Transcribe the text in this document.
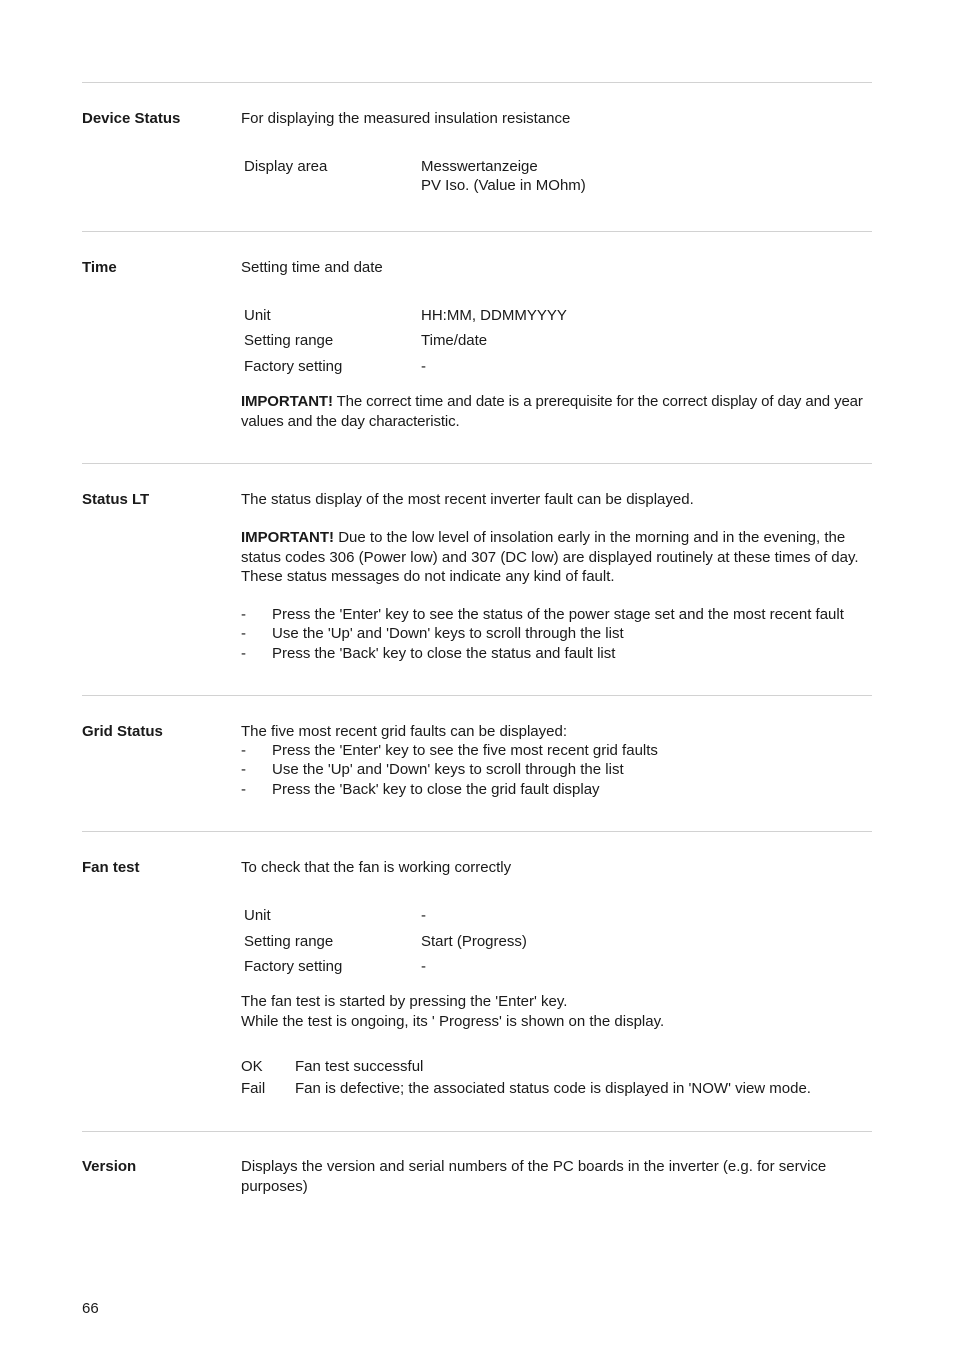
Device Status	For displaying the measured insulation resistance
Display area	Messwertanzeige
PV Iso. (Value in MOhm)
Time	Setting time and date
Unit	HH:MM, DDMMYYYY
Setting range	Time/date
Factory setting	-
IMPORTANT! The correct time and date is a prerequisite for the correct display of day and year values and the day characteristic.
Status LT	The status display of the most recent inverter fault can be displayed.
IMPORTANT! Due to the low level of insolation early in the morning and in the evening, the status codes 306 (Power low) and 307 (DC low) are displayed routinely at these times of day. These status messages do not indicate any kind of fault.
- Press the 'Enter' key to see the status of the power stage set and the most recent fault
- Use the 'Up' and 'Down' keys to scroll through the list
- Press the 'Back' key to close the status and fault list
Grid Status	The five most recent grid faults can be displayed:
- Press the 'Enter' key to see the five most recent grid faults
- Use the 'Up' and 'Down' keys to scroll through the list
- Press the 'Back' key to close the grid fault display
Fan test	To check that the fan is working correctly
Unit	-
Setting range	Start (Progress)
Factory setting	-
The fan test is started by pressing the 'Enter' key.
While the test is ongoing, its ' Progress' is shown on the display.
OK Fan test successful
Fail Fan is defective; the associated status code is displayed in 'NOW' view mode.
Version	Displays the version and serial numbers of the PC boards in the inverter (e.g. for service purposes)
66
